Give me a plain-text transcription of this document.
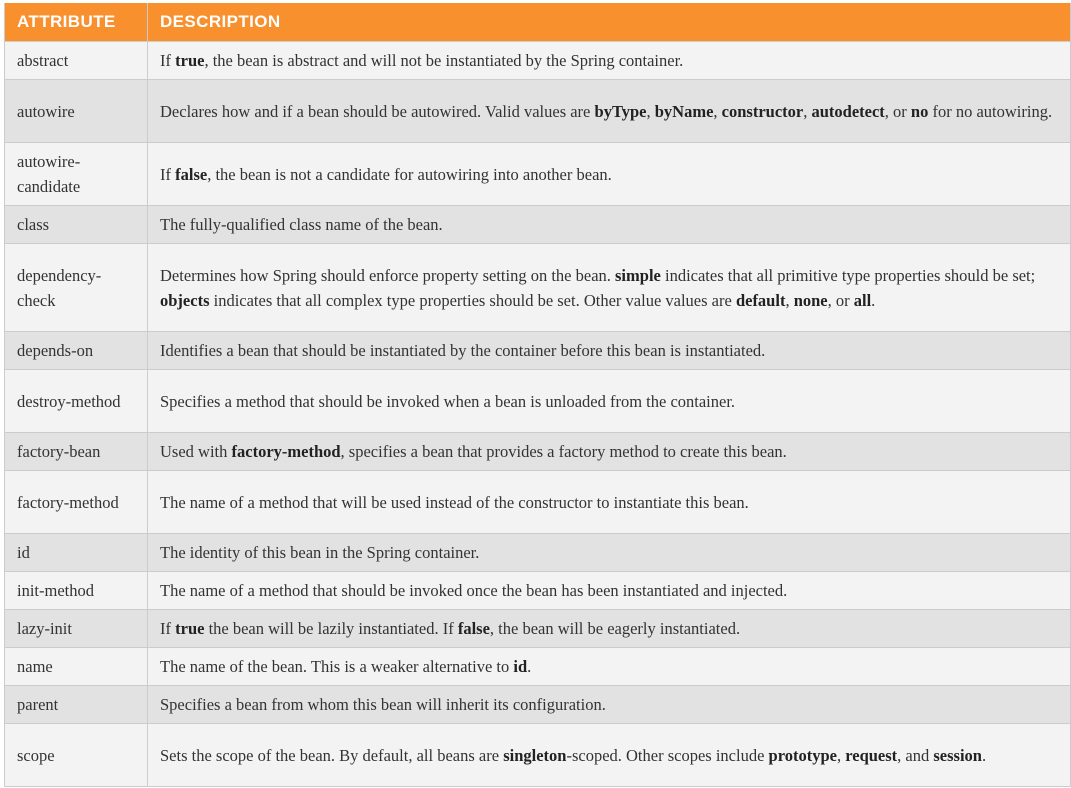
ATTRIBUTE	DESCRIPTION
abstract	If true, the bean is abstract and will not be instantiated by the Spring container.
autowire	Declares how and if a bean should be autowired. Valid values are byType, byName, constructor, autodetect, or no for no autowiring.
autowire-candidate	If false, the bean is not a candidate for autowiring into another bean.
class	The fully-qualified class name of the bean.
dependency-check	Determines how Spring should enforce property setting on the bean. simple indicates that all primitive type properties should be set; objects indicates that all complex type properties should be set. Other value values are default, none, or all.
depends-on	Identifies a bean that should be instantiated by the container before this bean is instantiated.
destroy-method	Specifies a method that should be invoked when a bean is unloaded from the container.
factory-bean	Used with factory-method, specifies a bean that provides a factory method to create this bean.
factory-method	The name of a method that will be used instead of the constructor to instantiate this bean.
id	The identity of this bean in the Spring container.
init-method	The name of a method that should be invoked once the bean has been instantiated and injected.
lazy-init	If true the bean will be lazily instantiated. If false, the bean will be eagerly instantiated.
name	The name of the bean. This is a weaker alternative to id.
parent	Specifies a bean from whom this bean will inherit its configuration.
scope	Sets the scope of the bean. By default, all beans are singleton-scoped. Other scopes include prototype, request, and session.
